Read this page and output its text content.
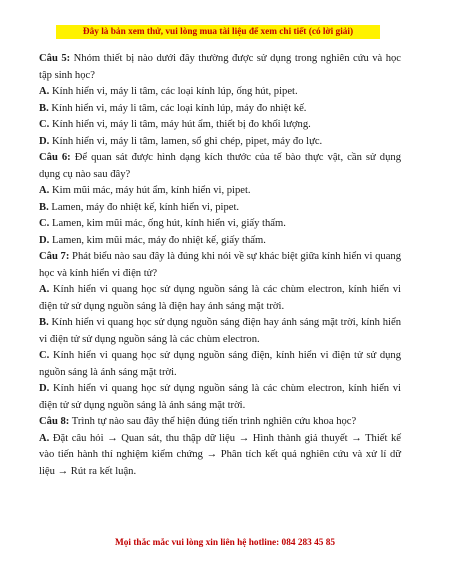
Đây là bản xem thử, vui lòng mua tài liệu để xem chi tiết (có lời giải)

Câu 5: Nhóm thiết bị nào dưới đây thường được sử dụng trong nghiên cứu và học tập sinh học?

A. Kính hiển vi, máy li tâm, các loại kính lúp, ống hút, pipet.

B. Kính hiển vi, máy li tâm, các loại kính lúp, máy đo nhiệt kế.

C. Kính hiển vi, máy li tâm, máy hút ẩm, thiết bị đo khối lượng.

D. Kính hiển vi, máy li tâm, lamen, sổ ghi chép, pipet, máy đo lực.

Câu 6: Để quan sát được hình dạng kích thước của tế bào thực vật, cần sử dụng dụng cụ nào sau đây?

A. Kim mũi mác, máy hút ẩm, kính hiển vi, pipet.

B. Lamen, máy đo nhiệt kế, kính hiển vi, pipet.

C. Lamen, kim mũi mác, ống hút, kính hiển vi, giấy thấm.

D. Lamen, kim mũi mác, máy đo nhiệt kế, giấy thấm.

Câu 7: Phát biểu nào sau đây là đúng khi nói về sự khác biệt giữa kính hiển vi quang học và kính hiển vi điện tử?

A. Kính hiển vi quang học sử dụng nguồn sáng là các chùm electron, kính hiển vi điện tử sử dụng nguồn sáng là điện hay ánh sáng mặt trời.

B. Kính hiển vi quang học sử dụng nguồn sáng điện hay ánh sáng mặt trời, kính hiển vi điện tử sử dụng nguồn sáng là các chùm electron.

C. Kính hiển vi quang học sử dụng nguồn sáng điện, kính hiển vi điện tử sử dụng nguồn sáng là ánh sáng mặt trời.

D. Kính hiển vi quang học sử dụng nguồn sáng là các chùm electron, kính hiển vi điện tử sử dụng nguồn sáng là ánh sáng mặt trời.

Câu 8: Trình tự nào sau đây thể hiện đúng tiến trình nghiên cứu khoa học?

A. Đặt câu hỏi → Quan sát, thu thập dữ liệu → Hình thành giả thuyết → Thiết kế vào tiến hành thí nghiệm kiểm chứng → Phân tích kết quả nghiên cứu và xử lí dữ liệu → Rút ra kết luận.

Mọi thắc mắc vui lòng xin liên hệ hotline: 084 283 45 85
